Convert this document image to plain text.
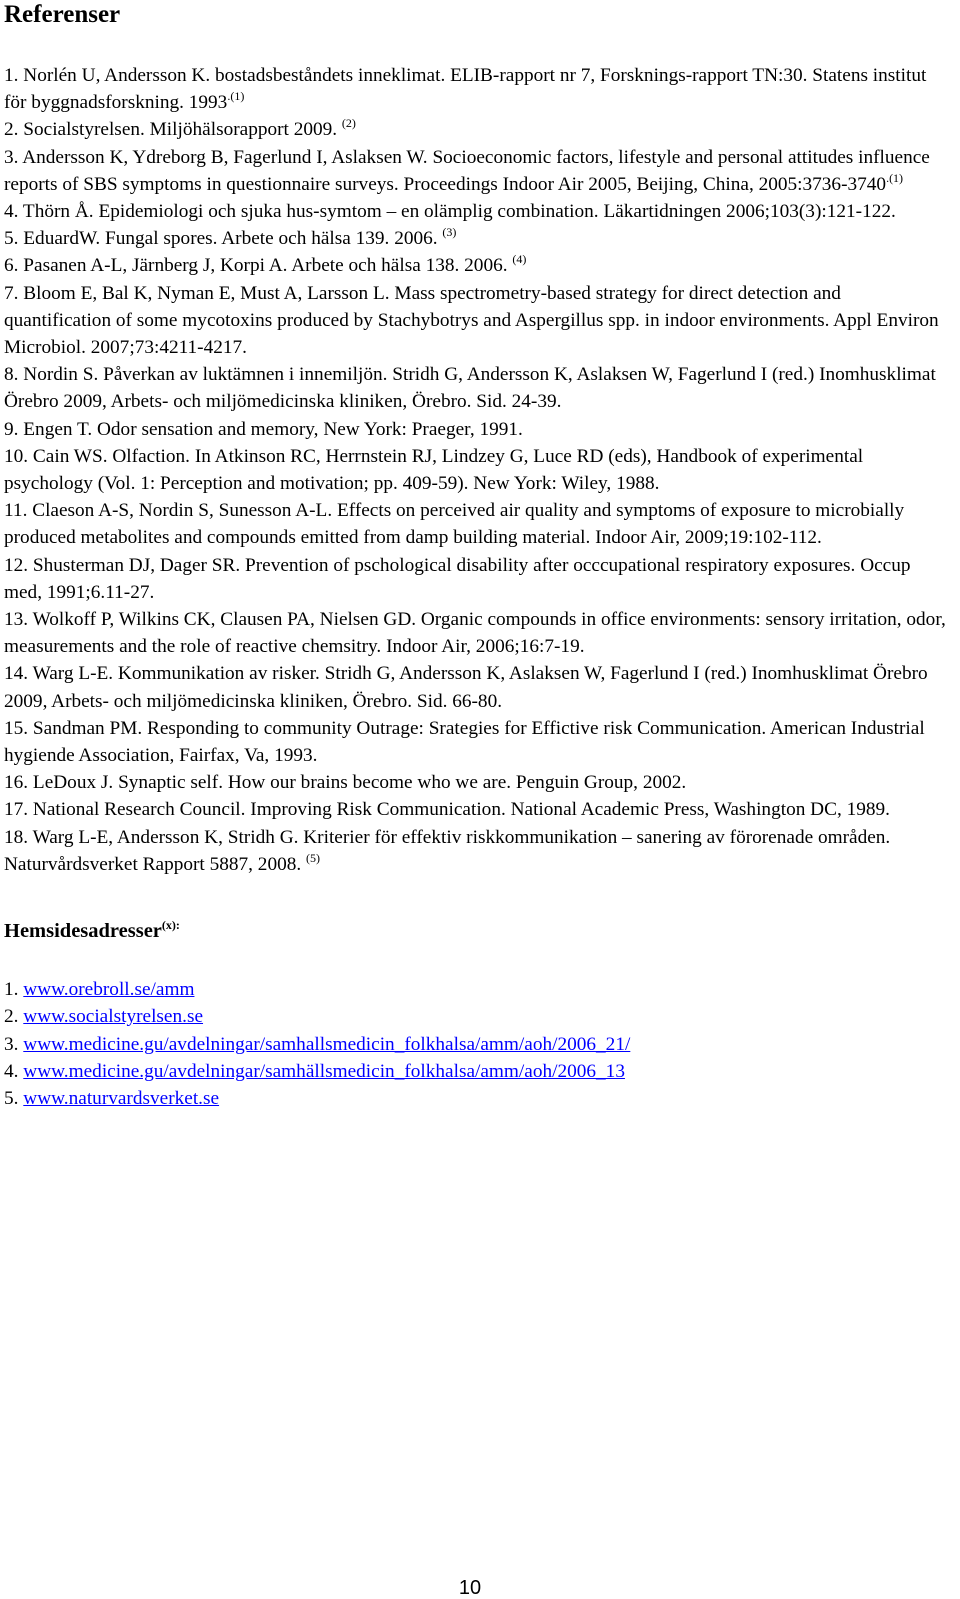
Referenser

1. Norlén U, Andersson K. bostadsbeståndets inneklimat. ELIB-rapport nr 7, Forsknings-rapport TN:30. Statens institut för byggnadsforskning. $1993^{.(1)}$

2. Socialstyrelsen. Miljöhälsorapport 2009. $^{(2)}$

3. Andersson K, Ydreborg B, Fagerlund I, Aslaksen W. Socioeconomic factors, lifestyle and personal attitudes influence reports of SBS symptoms in questionnaire surveys. Proceedings Indoor Air 2005, Beijing, China, $2005:3736-3740^{.(1)}$

4. Thörn Å. Epidemiologi och sjuka hus-symtom – en olämplig combination. Läkartidningen 2006;103(3):121-122.

5. EduardW. Fungal spores. Arbete och hälsa 139. 2006. $^{(3)}$

6. Pasanen A-L, Järnberg J, Korpi A. Arbete och hälsa 138. 2006. $^{(4)}$

7. Bloom E, Bal K, Nyman E, Must A, Larsson L. Mass spectrometry-based strategy for direct detection and quantification of some mycotoxins produced by Stachybotrys and Aspergillus spp. in indoor environments. Appl Environ Microbiol. 2007;73:4211-4217.

8. Nordin S. Påverkan av luktämnen i innemiljön. Stridh G, Andersson K, Aslaksen W, Fagerlund I (red.) Inomhusklimat Örebro 2009, Arbets- och miljömedicinska kliniken, Örebro. Sid. 24-39.

9. Engen T. Odor sensation and memory, New York: Praeger, 1991.

10. Cain WS. Olfaction. In Atkinson RC, Herrnstein RJ, Lindzey G, Luce RD (eds), Handbook of experimental psychology (Vol. 1: Perception and motivation; pp. 409-59). New York: Wiley, 1988.

11. Claeson A-S, Nordin S, Sunesson A-L. Effects on perceived air quality and symptoms of exposure to microbially produced metabolites and compounds emitted from damp building material. Indoor Air, 2009;19:102-112.

12. Shusterman DJ, Dager SR. Prevention of pschological disability after occcupational respiratory exposures. Occup med, 1991;6.11-27.

13. Wolkoff P, Wilkins CK, Clausen PA, Nielsen GD. Organic compounds in office environments: sensory irritation, odor, measurements and the role of reactive chemsitry. Indoor Air, 2006;16:7-19.

14. Warg L-E. Kommunikation av risker. Stridh G, Andersson K, Aslaksen W, Fagerlund I (red.) Inomhusklimat Örebro 2009, Arbets- och miljömedicinska kliniken, Örebro. Sid. 66-80.

15. Sandman PM. Responding to community Outrage: Srategies for Effictive risk Communication. American Industrial hygiende Association, Fairfax, Va, 1993.

16. LeDoux J. Synaptic self. How our brains become who we are. Penguin Group, 2002.

17. National Research Council. Improving Risk Communication. National Academic Press, Washington DC, 1989.

18. Warg L-E, Andersson K, Stridh G. Kriterier för effektiv riskkommunikation – sanering av förorenade områden. Naturvårdsverket Rapport 5887, 2008. $^{(5)}$

Hemsidesadresser$^{(x):}$
1. www.orebroll.se/amm
2. www.socialstyrelsen.se
3. www.medicine.gu/avdelningar/samhallsmedicin_folkhalsa/amm/aoh/2006_21/
4. www.medicine.gu/avdelningar/samhällsmedicin_folkhalsa/amm/aoh/2006_13
5. www.naturvardsverket.se
10
